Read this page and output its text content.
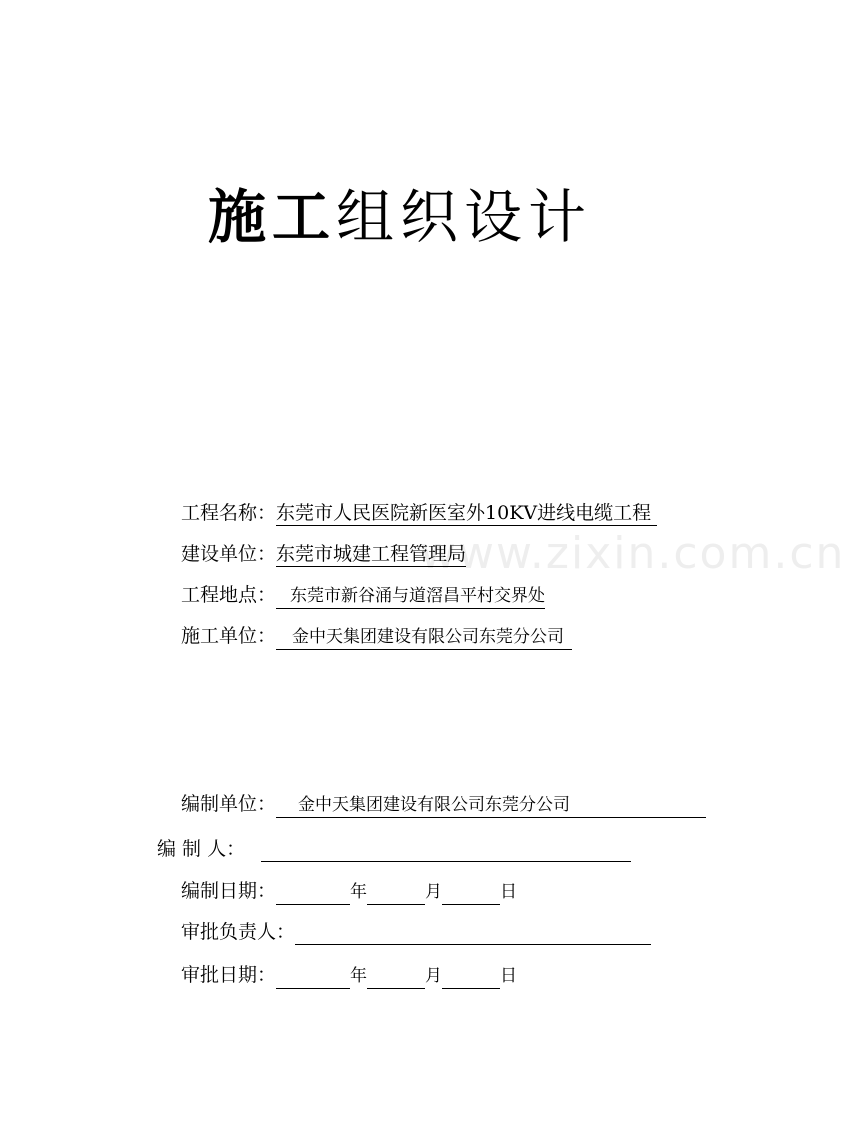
施工组织设计
www.zixin.com.cn
工程名称：东莞市人民医院新医室外10KV进线电缆工程
建设单位：东莞市城建工程管理局
工程地点： 东莞市新谷涌与道滘昌平村交界处
施工单位： 金中天集团建设有限公司东莞分公司
编制单位： 金中天集团建设有限公司东莞分公司
编 制 人：
编制日期：	年	月	日
审批负责人：
审批日期：	年	月	日
